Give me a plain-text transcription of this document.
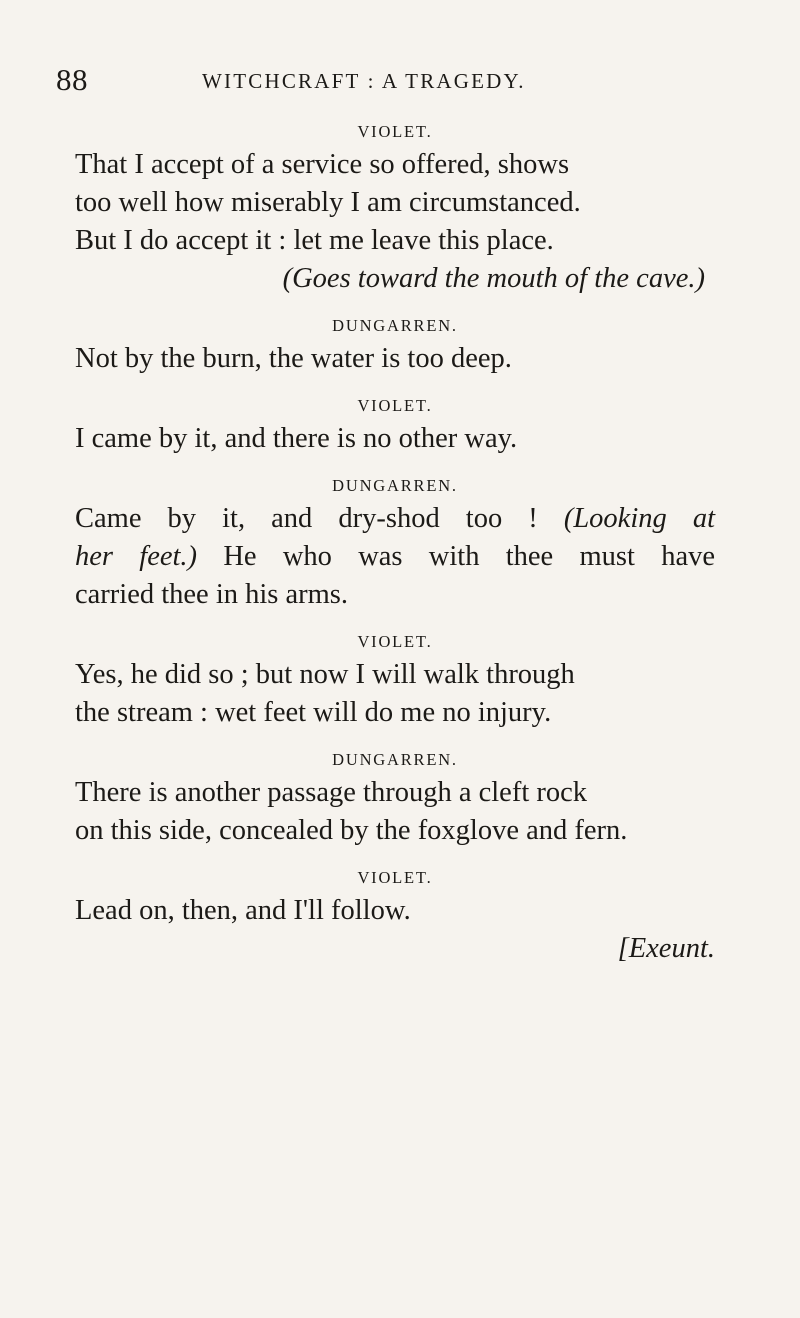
88	WITCHCRAFT : A TRAGEDY.

VIOLET.

That I accept of a service so offered, shows

too well how miserably I am circumstanced.

But I do accept it : let me leave this place.

(Goes toward the mouth of the cave.)

DUNGARREN.

Not by the burn, the water is too deep.

VIOLET.

I came by it, and there is no other way.

DUNGARREN.

Came by it, and dry-shod too ! (Looking at

her feet.) He who was with thee must have

carried thee in his arms.

VIOLET.

Yes, he did so ; but now I will walk through

the stream : wet feet will do me no injury.

DUNGARREN.

There is another passage through a cleft rock

on this side, concealed by the foxglove and fern.

VIOLET.

Lead on, then, and I'll follow.

[Exeunt.
